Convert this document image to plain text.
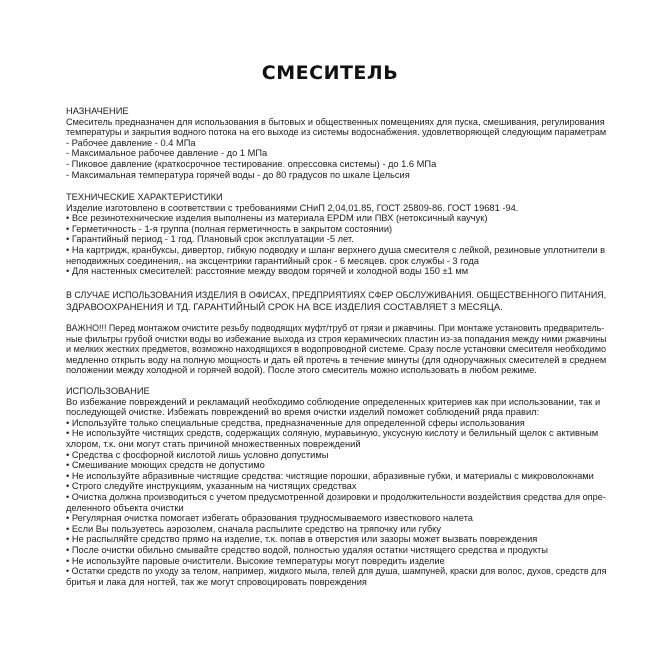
СМЕСИТЕЛЬ
НАЗНАЧЕНИЕ
Смеситель предназначен для использования в бытовых и общественных помещениях для пуска, смешивания, регулирования
температуры и закрытия водного потока на его выходе из системы водоснабжения. удовлетворяющей следующим параметрам
- Рабочее давление - 0.4 МПа
- Максимальное рабочее давление - до 1 МПа
- Пиковое давление (краткосрочное тестирование. опрессовка системы) - до 1.6 МПа
- Максимальная температура горячей воды - до 80 градусов по шкале Цельсия
ТЕХНИЧЕСКИЕ ХАРАКТЕРИСТИКИ
Изделие изготовлено в соответствии с требованиями СНиП 2,04,01.85, ГОСТ 25809-86. ГОСТ 19681 -94.
• Все резинотехнические изделия выполнены из материала EPDM или ПВХ (нетоксичный каучук)
• Герметичность - 1-я группа (полная герметичность в закрытом состоянии)
• Гарантийный период - 1 год. Плановый срок эксплуатации -5 лет.
• На картридж, кранбуксы, дивертор, гибкую подводку и шланг верхнего душа смесителя с лейкой, резиновые уплотнители в
неподвижных соединения,. на эксцентрики гарантийный срок - 6 месяцев. срок службы - 3 года
• Для настенных смесителей: расстояние между вводом горячей и холодной воды 150 ±1 мм
В СЛУЧАЕ ИСПОЛЬЗОВАНИЯ ИЗДЕЛИЯ В ОФИСАХ, ПРЕДПРИЯТИЯХ СФЕР ОБСЛУЖИВАНИЯ. ОБЩЕСТВЕННОГО ПИТАНИЯ,
ЗДРАВООХРАНЕНИЯ И ТД. ГАРАНТИЙНЫЙ СРОК НА ВСЕ ИЗДЕЛИЯ СОСТАВЛЯЕТ 3 МЕСЯЦА.
ВАЖНО!!! Перед монтажом очистите резьбу подводящих муфт/труб от грязи и ржавчины. При монтаже установить предваритель-
ные фильтры грубой очистки воды во избежание выхода из строя керамических пластин из-за попадания между ними ржавчины
и мелких жестких предметов, возможно находящихся в водопроводной системе. Сразу после установки смесителя необходимо
медленно открыть воду на полную мощность и дать ей протечь в течение минуты (для одноручажных смесителей в среднем
положении между холодной и горячей водой). После этого смеситель можно использовать в любом режиме.
ИСПОЛЬЗОВАНИЕ
Во избежание повреждений и рекламаций необходимо соблюдение определенных критериев как при использовании, так и
последующей очистке. Избежать повреждений во время очистки изделий поможет соблюдений ряда правил:
• Используйте только специальные средства, предназначенные для определенной сферы использования
• Не используйте чистящих средств, содержащих соляную, муравьиную, уксусную кислоту и белильный щелок с активным
хлором, т.к. они могут стать причиной множественных повреждений
• Средства с фосфорной кислотой лишь условно допустимы
• Смешивание моющих средств не допустимо
• Не используйте абразивные чистящие средства: чистящие порошки, абразивные губки, и материалы с микроволокнами
• Строго следуйте инструкциям, указанным на чистящих средствах
• Очистка должна производиться с учетом предусмотренной дозировки и продолжительности воздействия средства для опре-
деленного объекта очистки
• Регулярная очистка помогает избегать образования трудносмываемого известкового налета
• Если Вы пользуетесь аэрозолем, сначала распылите средство на тряпочку или губку
• Не распыляйте средство прямо на изделие, т.к. попав в отверстия или зазоры может вызвать повреждения
• После очистки обильно смывайте средство водой, полностью удаляя остатки чистящего средства и продукты
• Не используйте паровые очистители. Высокие температуры могут повредить изделие
• Остатки средств по уходу за телом, например, жидкого мыла, гелей для душа, шампуней, краски для волос, духов, средств для
бритья и лака для ногтей, так же могут спровоцировать повреждения
